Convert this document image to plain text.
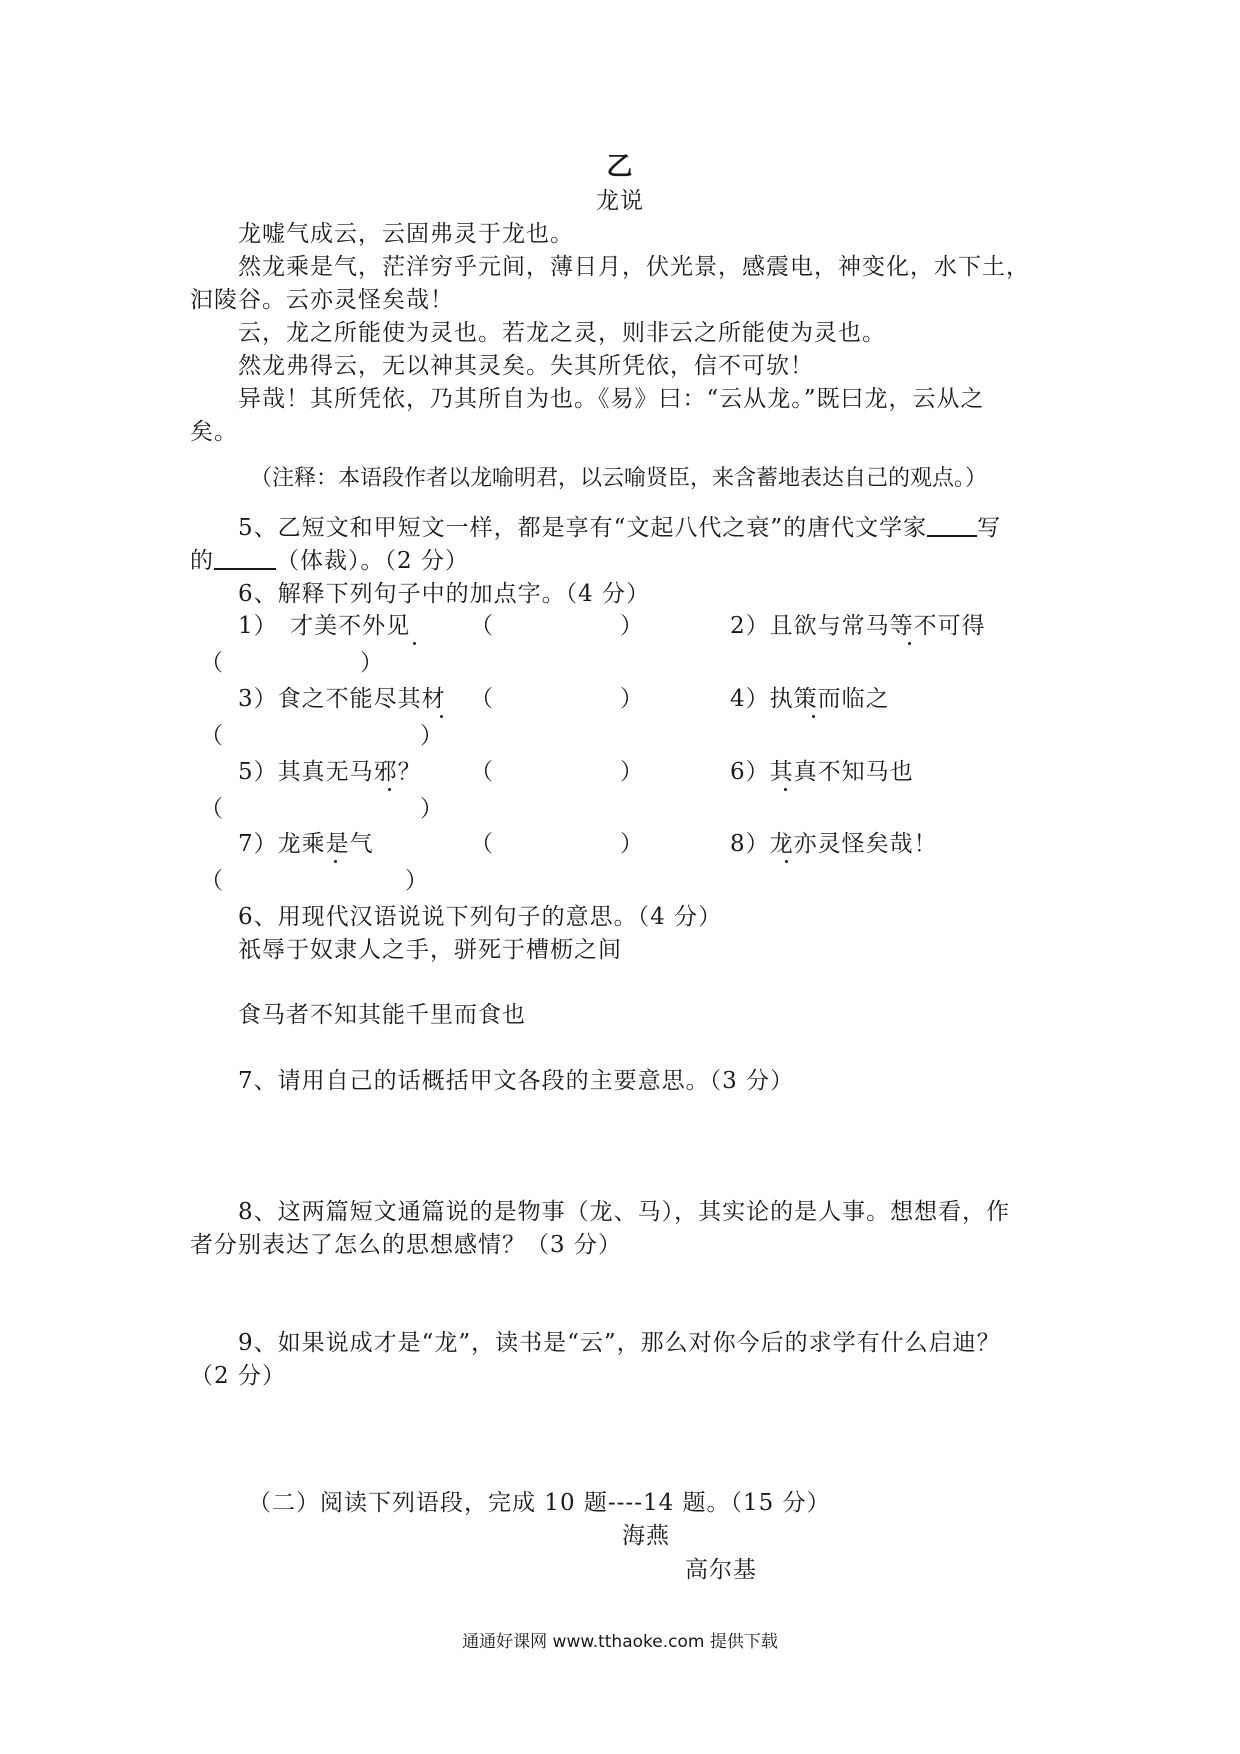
乙
龙说
龙嘘气成云，云固弗灵于龙也。
然龙乘是气，茫洋穷乎元间，薄日月，伏光景，感震电，神变化，水下土，
汩陵谷。云亦灵怪矣哉！
云，龙之所能使为灵也。若龙之灵，则非云之所能使为灵也。
然龙弗得云，无以神其灵矣。失其所凭依，信不可欤！
异哉！其所凭依，乃其所自为也。《易》曰：“云从龙。”既曰龙，云从之
矣。
（注释：本语段作者以龙喻明君，以云喻贤臣，来含蓄地表达自己的观点。）
5、乙短文和甲短文一样，都是享有“文起八代之衰”的唐代文学家 写
的	（体裁）。（2 分）
6、解释下列句子中的加点字。（4 分）
1）　才美不外见	（	）	2）且欲与常马等不可得
（	）
3）食之不能尽其材 （	）	4）执策而临之
（	）
5）其真无马邪？ （	）	6）其真不知马也
（	）
7）龙乘是气	（	）	8）龙亦灵怪矣哉！
（	）
6、用现代汉语说说下列句子的意思。（4 分）
祇辱于奴隶人之手，骈死于槽枥之间
食马者不知其能千里而食也
7、请用自己的话概括甲文各段的主要意思。（3 分）
8、这两篇短文通篇说的是物事（龙、马），其实论的是人事。想想看，作
者分别表达了怎么的思想感情？（3 分）
9、如果说成才是“龙”，读书是“云”，那么对你今后的求学有什么启迪？
（2 分）
（二）阅读下列语段，完成 10 题----14 题。（15 分）
海燕
高尔基
通通好课网 www.tthaoke.com 提供下载
